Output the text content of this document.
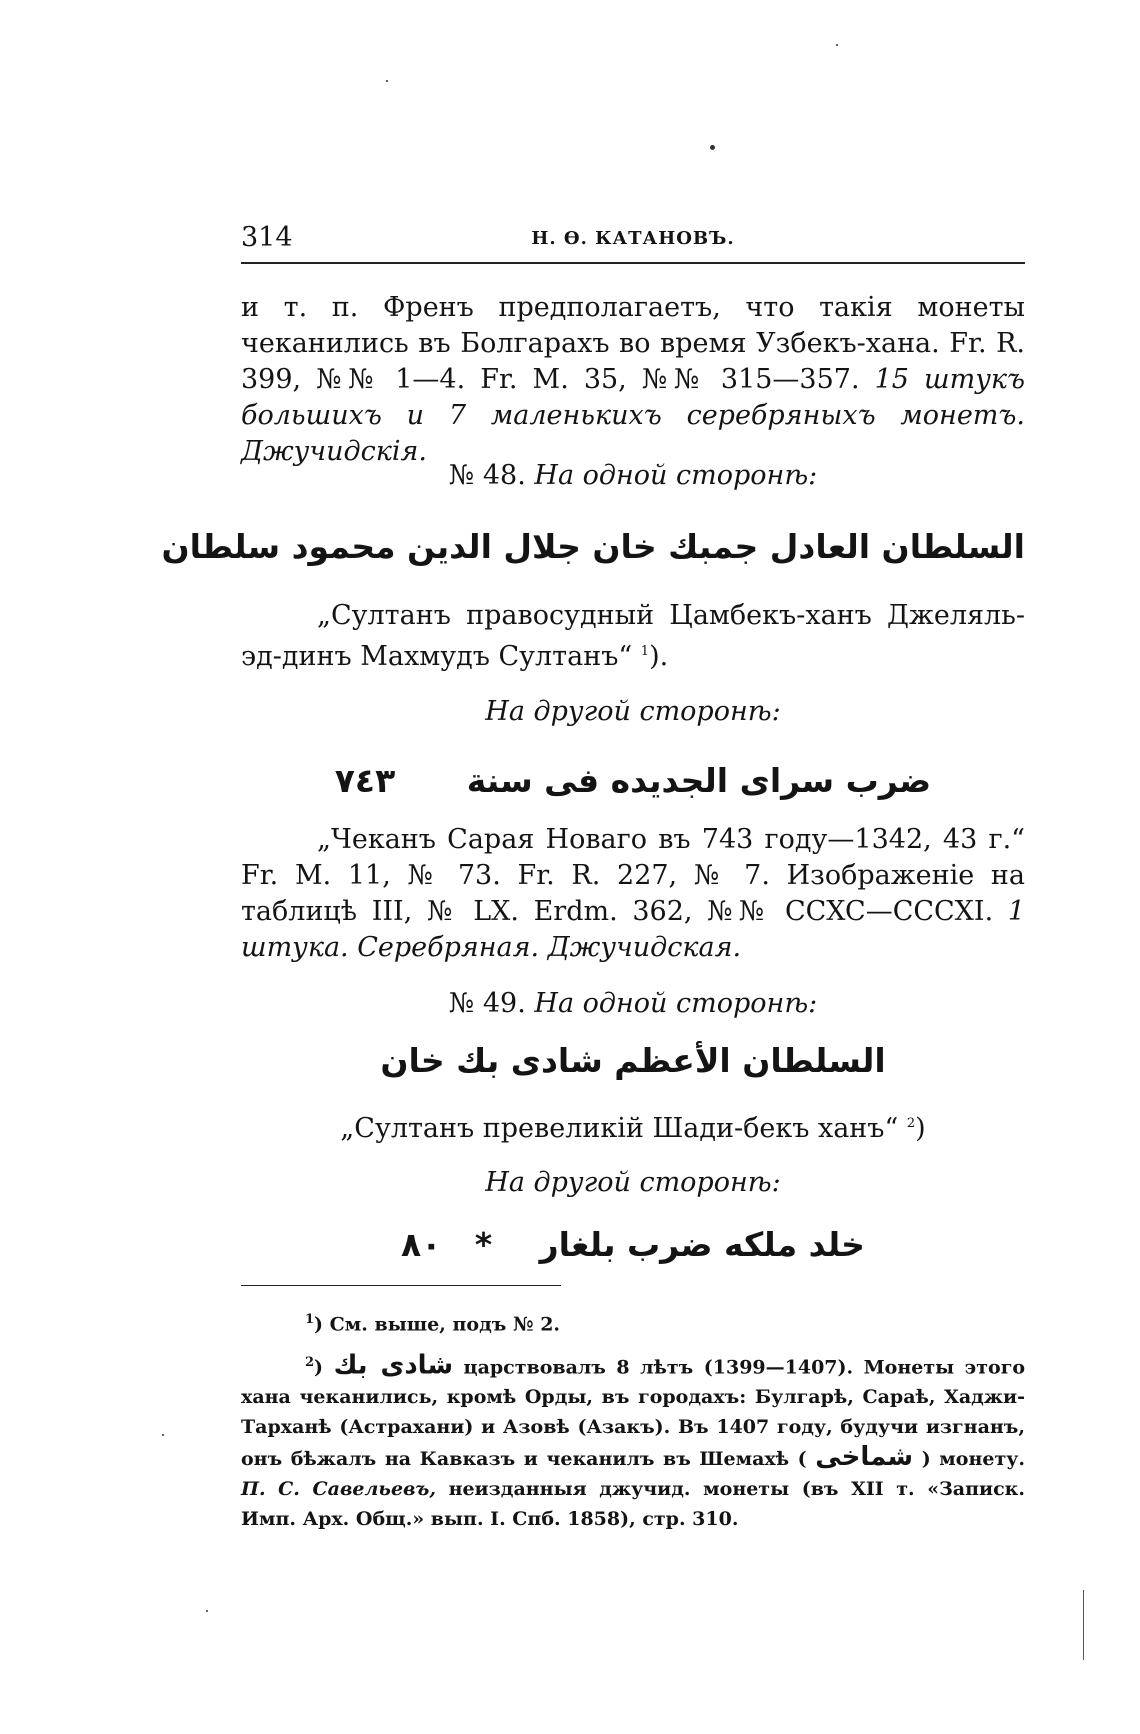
314	Н. Ѳ. КАТАНОВЪ.
и т. п. Френъ предполагаетъ, что такія монеты чеканились въ Болгарахъ во время Узбекъ-хана. Fr. R. 399, №№ 1—4. Fr. M. 35, №№ 315—357. 15 штукъ большихъ и 7 маленькихъ серебряныхъ монетъ. Джучидскія.
№ 48. На одной сторонѣ:
السلطان العادل جمبك خان جلال الدين محمود سلطان
„Султанъ правосудный Цамбекъ-ханъ Джеляль-эд-динъ Махмудъ Султанъ“ $^1$).
На другой сторонѣ:
ضرب سراى الجديده فى سنة ٧٤٣
„Чеканъ Сарая Новаго въ 743 году—1342, 43 г.“ Fr. M. 11, № 73. Fr. R. 227, № 7. Изображеніе на таблицѣ III, № LX. Erdm. 362, №№ CCXC—CCCXI. 1 штука. Серебряная. Джучидская.
№ 49. На одной сторонѣ:
السلطان الأعظم شادى بك خان
„Султанъ превеликій Шади-бекъ ханъ“ $^2$)
На другой сторонѣ:
خلد ملكه ضرب بلغار * ٨٠
$^1$) См. выше, подъ № 2.
$^2$) شادى بك царствовалъ 8 лѣтъ (1399—1407). Монеты этого хана чеканились, кромѣ Орды, въ городахъ: Булгарѣ, Сараѣ, Хаджи-Тарханѣ (Астрахани) и Азовѣ (Азакъ). Въ 1407 году, будучи изгнанъ, онъ бѣжалъ на Кавказъ и чеканилъ въ Шемахѣ ( شماخى ) монету. П. С. Савельевъ, неизданныя джучид. монеты (въ XII т. «Записк. Имп. Арх. Общ.» вып. I. Спб. 1858), стр. 310.
